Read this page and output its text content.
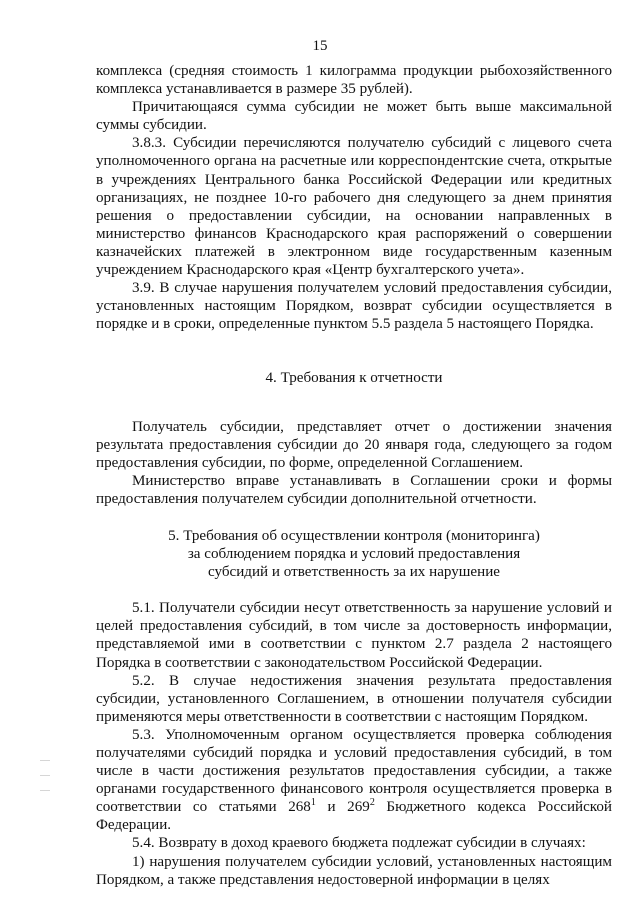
15

комплекса (средняя стоимость 1 килограмма продукции рыбохозяйственного комплекса устанавливается в размере 35 рублей).

Причитающаяся сумма субсидии не может быть выше максимальной суммы субсидии.

3.8.3. Субсидии перечисляются получателю субсидий с лицевого счета уполномоченного органа на расчетные или корреспондентские счета, открытые в учреждениях Центрального банка Российской Федерации или кредитных организациях, не позднее 10-го рабочего дня следующего за днем принятия решения о предоставлении субсидии, на основании направленных в министерство финансов Краснодарского края распоряжений о совершении казначейских платежей в электронном виде государственным казенным учреждением Краснодарского края «Центр бухгалтерского учета».

3.9. В случае нарушения получателем условий предоставления субсидии, установленных настоящим Порядком, возврат субсидии осуществляется в порядке и в сроки, определенные пунктом 5.5 раздела 5 настоящего Порядка.

4. Требования к отчетности

Получатель субсидии, представляет отчет о достижении значения результата предоставления субсидии до 20 января года, следующего за годом предоставления субсидии, по форме, определенной Соглашением.

Министерство вправе устанавливать в Соглашении сроки и формы предоставления получателем субсидии дополнительной отчетности.

5. Требования об осуществлении контроля (мониторинга)
за соблюдением порядка и условий предоставления
субсидий и ответственность за их нарушение

5.1. Получатели субсидии несут ответственность за нарушение условий и целей предоставления субсидий, в том числе за достоверность информации, представляемой ими в соответствии с пунктом 2.7 раздела 2 настоящего Порядка в соответствии с законодательством Российской Федерации.

5.2. В случае недостижения значения результата предоставления субсидии, установленного Соглашением, в отношении получателя субсидии применяются меры ответственности в соответствии с настоящим Порядком.

5.3. Уполномоченным органом осуществляется проверка соблюдения получателями субсидий порядка и условий предоставления субсидий, в том числе в части достижения результатов предоставления субсидии, а также органами государственного финансового контроля осуществляется проверка в соответствии со статьями $268^1$ и $269^2$ Бюджетного кодекса Российской Федерации.

5.4. Возврату в доход краевого бюджета подлежат субсидии в случаях:

1) нарушения получателем субсидии условий, установленных настоящим Порядком, а также представления недостоверной информации в целях
